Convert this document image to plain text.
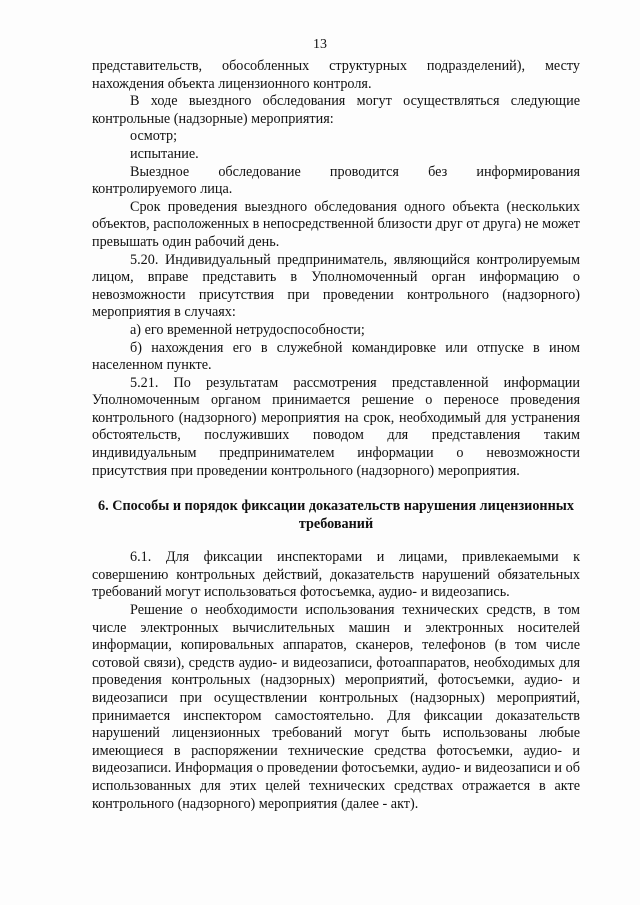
13

представительств, обособленных структурных подразделений), месту нахождения объекта лицензионного контроля.

В ходе выездного обследования могут осуществляться следующие контрольные (надзорные) мероприятия:

осмотр;

испытание.

Выездное обследование проводится без информирования контролируемого лица.

Срок проведения выездного обследования одного объекта (нескольких объектов, расположенных в непосредственной близости друг от друга) не может превышать один рабочий день.

5.20. Индивидуальный предприниматель, являющийся контролируемым лицом, вправе представить в Уполномоченный орган информацию о невозможности присутствия при проведении контрольного (надзорного) мероприятия в случаях:

а) его временной нетрудоспособности;

б) нахождения его в служебной командировке или отпуске в ином населенном пункте.

5.21. По результатам рассмотрения представленной информации Уполномоченным органом принимается решение о переносе проведения контрольного (надзорного) мероприятия на срок, необходимый для устранения обстоятельств, послуживших поводом для представления таким индивидуальным предпринимателем информации о невозможности присутствия при проведении контрольного (надзорного) мероприятия.

6. Способы и порядок фиксации доказательств нарушения лицензионных требований

6.1. Для фиксации инспекторами и лицами, привлекаемыми к совершению контрольных действий, доказательств нарушений обязательных требований могут использоваться фотосъемка, аудио- и видеозапись.

Решение о необходимости использования технических средств, в том числе электронных вычислительных машин и электронных носителей информации, копировальных аппаратов, сканеров, телефонов (в том числе сотовой связи), средств аудио- и видеозаписи, фотоаппаратов, необходимых для проведения контрольных (надзорных) мероприятий, фотосъемки, аудио- и видеозаписи при осуществлении контрольных (надзорных) мероприятий, принимается инспектором самостоятельно. Для фиксации доказательств нарушений лицензионных требований могут быть использованы любые имеющиеся в распоряжении технические средства фотосъемки, аудио- и видеозаписи. Информация о проведении фотосъемки, аудио- и видеозаписи и об использованных для этих целей технических средствах отражается в акте контрольного (надзорного) мероприятия (далее - акт).
